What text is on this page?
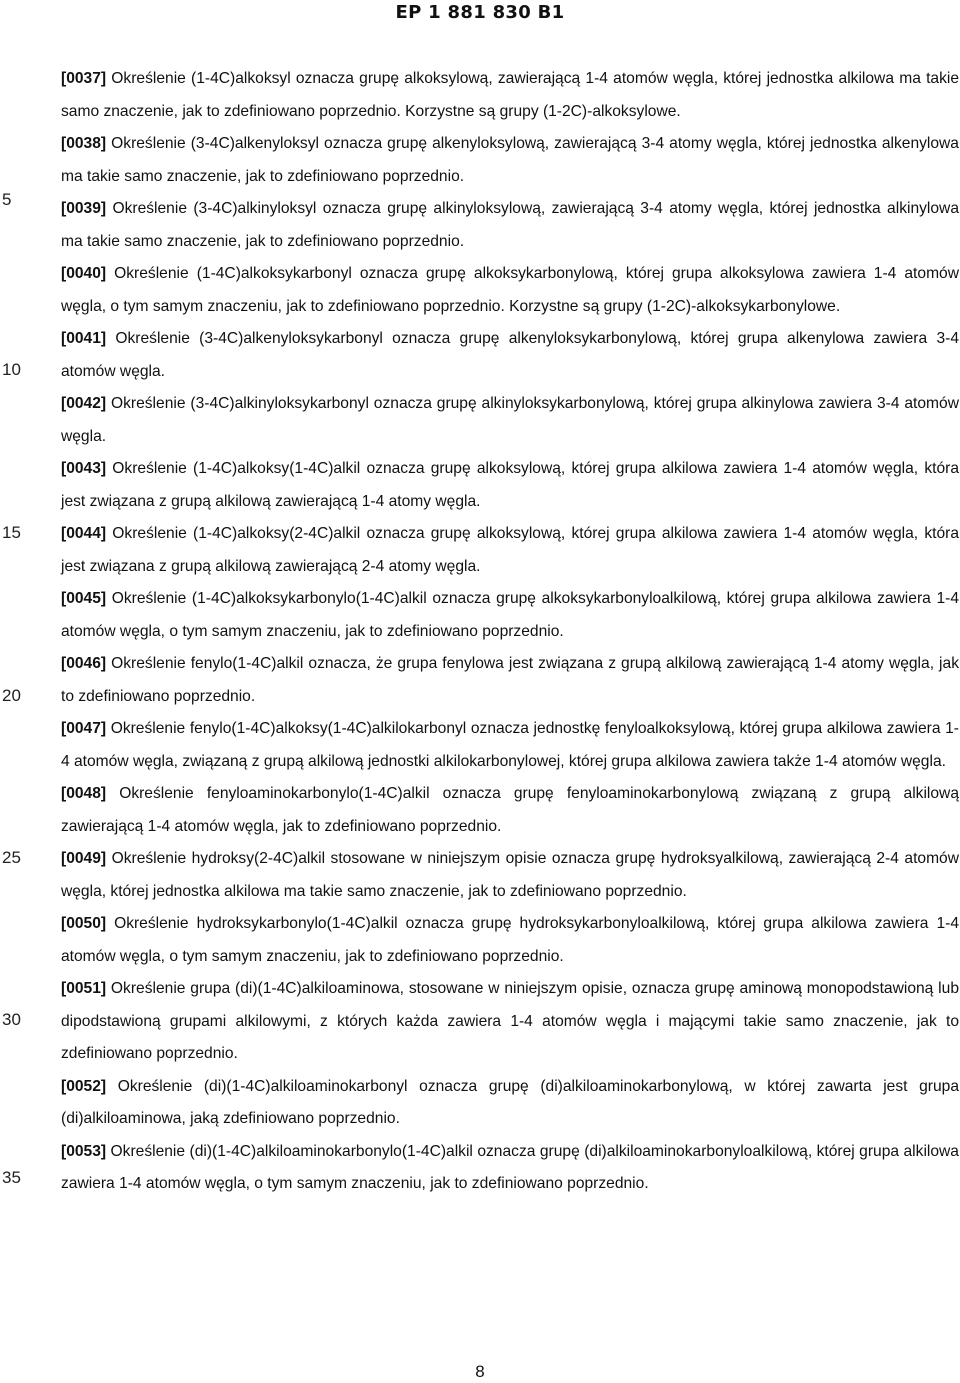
EP 1 881 830 B1
5
10
15
20
25
30
35

[0037] Określenie (1-4C)alkoksyl oznacza grupę alkoksylową, zawierającą 1-4 atomów węgla, której jednostka alkilowa ma takie samo znaczenie, jak to zdefiniowano poprzednio. Korzystne są grupy (1-2C)-alkoksylowe.

[0038] Określenie (3-4C)alkenyloksyl oznacza grupę alkenyloksylową, zawierającą 3-4 atomy węgla, której jednostka alkenylowa ma takie samo znaczenie, jak to zdefiniowano poprzednio.

[0039] Określenie (3-4C)alkinyloksyl oznacza grupę alkinyloksylową, zawierającą 3-4 atomy węgla, której jednostka alkinylowa ma takie samo znaczenie, jak to zdefiniowano poprzednio.

[0040] Określenie (1-4C)alkoksykarbonyl oznacza grupę alkoksykarbonylową, której grupa alkoksylowa zawiera 1-4 atomów węgla, o tym samym znaczeniu, jak to zdefiniowano poprzednio. Korzystne są grupy (1-2C)-alkoksykarbonylowe.

[0041] Określenie (3-4C)alkenyloksykarbonyl oznacza grupę alkenyloksykarbonylową, której grupa alkenylowa zawiera 3-4 atomów węgla.

[0042] Określenie (3-4C)alkinyloksykarbonyl oznacza grupę alkinyloksykarbonylową, której grupa alkinylowa zawiera 3-4 atomów węgla.

[0043] Określenie (1-4C)alkoksy(1-4C)alkil oznacza grupę alkoksylową, której grupa alkilowa zawiera 1-4 atomów węgla, która jest związana z grupą alkilową zawierającą 1-4 atomy węgla.

[0044] Określenie (1-4C)alkoksy(2-4C)alkil oznacza grupę alkoksylową, której grupa alkilowa zawiera 1-4 atomów węgla, która jest związana z grupą alkilową zawierającą 2-4 atomy węgla.

[0045] Określenie (1-4C)alkoksykarbonylo(1-4C)alkil oznacza grupę alkoksykarbonyloalkilową, której grupa alkilowa zawiera 1-4 atomów węgla, o tym samym znaczeniu, jak to zdefiniowano poprzednio.

[0046] Określenie fenylo(1-4C)alkil oznacza, że grupa fenylowa jest związana z grupą alkilową zawierającą 1-4 atomy węgla, jak to zdefiniowano poprzednio.

[0047] Określenie fenylo(1-4C)alkoksy(1-4C)alkilokarbonyl oznacza jednostkę fenyloalkoksylową, której grupa alkilowa zawiera 1-4 atomów węgla, związaną z grupą alkilową jednostki alkilokarbonylowej, której grupa alkilowa zawiera także 1-4 atomów węgla.

[0048] Określenie fenyloaminokarbonylo(1-4C)alkil oznacza grupę fenyloaminokarbonylową związaną z grupą alkilową zawierającą 1-4 atomów węgla, jak to zdefiniowano poprzednio.

[0049] Określenie hydroksy(2-4C)alkil stosowane w niniejszym opisie oznacza grupę hydroksyalkilową, zawierającą 2-4 atomów węgla, której jednostka alkilowa ma takie samo znaczenie, jak to zdefiniowano poprzednio.

[0050] Określenie hydroksykarbonylo(1-4C)alkil oznacza grupę hydroksykarbonyloalkilową, której grupa alkilowa zawiera 1-4 atomów węgla, o tym samym znaczeniu, jak to zdefiniowano poprzednio.

[0051] Określenie grupa (di)(1-4C)alkiloaminowa, stosowane w niniejszym opisie, oznacza grupę aminową monopodstawioną lub dipodstawioną grupami alkilowymi, z których każda zawiera 1-4 atomów węgla i mającymi takie samo znaczenie, jak to zdefiniowano poprzednio.

[0052] Określenie (di)(1-4C)alkiloaminokarbonyl oznacza grupę (di)alkiloaminokarbonylową, w której zawarta jest grupa (di)alkiloaminowa, jaką zdefiniowano poprzednio.

[0053] Określenie (di)(1-4C)alkiloaminokarbonylo(1-4C)alkil oznacza grupę (di)alkiloaminokarbonyloalkilową, której grupa alkilowa zawiera 1-4 atomów węgla, o tym samym znaczeniu, jak to zdefiniowano poprzednio.

8
